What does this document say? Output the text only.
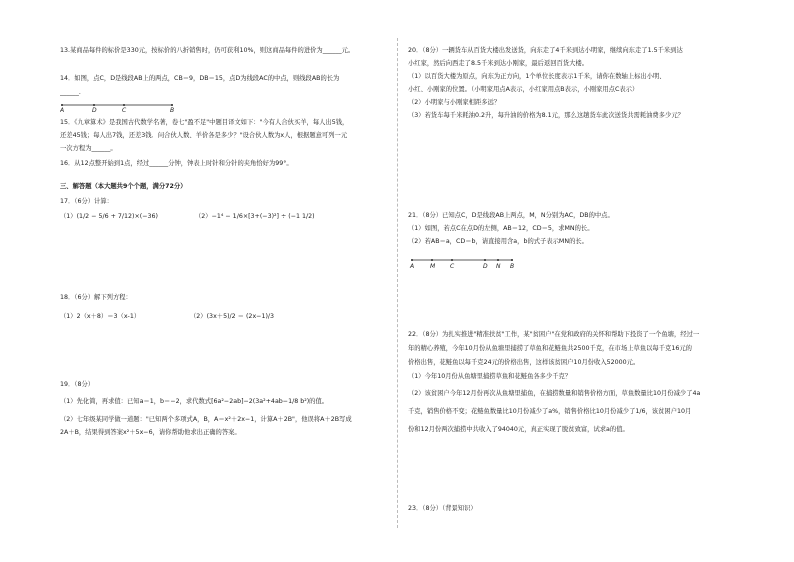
13.某商品每件的标价是330元，按标价的八折销售时，仍可获利10%，则这商品每件的进价为______元。

14．如图，点C，D是线段AB上的两点，CB＝9，DB＝15，点D为线段AC的中点，则线段AB的长为

______.

A	D	C	B

15．《九章算术》是我国古代数学名著，卷七"盈不足"中题目译文如下："今有人合伙买羊，每人出5钱，

还差45钱；每人出7钱，还差3钱．问合伙人数、羊价各是多少？"设合伙人数为x人，根据题意可列一元

一次方程为______。

16．从12点整开始到1点，经过______分钟，钟表上时针和分针的夹角恰好为99°。

三、解答题（本大题共9个个题，满分72分）

17．（6分）计算：

（1）(1/2 − 5/6 + 7/12)×(−36)	（2）−1⁴ − 1/6×[3+(−3)²] ÷ (−1 1/2)

18．（6分）解下列方程：

（1）2（x＋8）＝3（x-1）	（2）(3x＋5)/2 ＝ (2x−1)/3

19．（8分）

（1）先化简，再求值：已知a＝1，b＝−2，求代数式[6a²−2ab]−2(3a²+4ab−1/8 b²)的值。

（2）七年级某同学做一道题："已知两个多项式A，B，A＝x²＋2x−1，计算A＋2B"，他误将A＋2B写成

2A＋B，结果得到答案x²＋5x−6，请你帮助他求出正确的答案。

20．（8分）一辆货车从百货大楼出发送货，向东走了4千米到达小明家，继续向东走了1.5千米到达

小红家，然后向西走了8.5千米到达小刚家，最后返回百货大楼。

（1）以百货大楼为原点，向东为正方向，1个单位长度表示1千米，请你在数轴上标出小明、

小红、小刚家的位置。（小明家用点A表示，小红家用点B表示，小刚家用点C表示）

（2）小明家与小刚家相距多远？

（3）若货车每千米耗油0.2升，每升油的价格为8.1元，那么这趟货车此次送货共需耗油费多少元？

21．（8分）已知点C，D是线段AB上两点，M，N分别为AC，DB的中点。

（1）如图，若点C在点D的左侧，AB＝12，CD＝5，求MN的长。

（2）若AB＝a，CD＝b，请直接用含a，b的式子表示MN的长。

A	M C	D N B

22．（8分）为扎实推进"精准扶贫"工作，某"贫困户"在党和政府的关怀和帮助下投资了一个鱼塘，经过一

年的精心养殖，今年10月份从鱼塘里捕捞了草鱼和花鲢鱼共2500千克，在市场上草鱼以每千克16元的

价格出售，花鲢鱼以每千克24元的价格出售，这样该贫困户10月份收入52000元。

（1）今年10月份从鱼塘里捕捞草鱼和花鲢鱼各多少千克？

（2）该贫困户今年12月份再次从鱼塘里捕鱼，在捕捞数量和销售价格方面，草鱼数量比10月份减少了4a

千克，销售价格不变；花鲢鱼数量比10月份减少了a%，销售价格比10月份减少了1/6，该贫困户10月

份和12月份两次捕捞中共收入了94040元，真正实现了脱贫致富，试求a的值。

23．（8分）（背景知识）
